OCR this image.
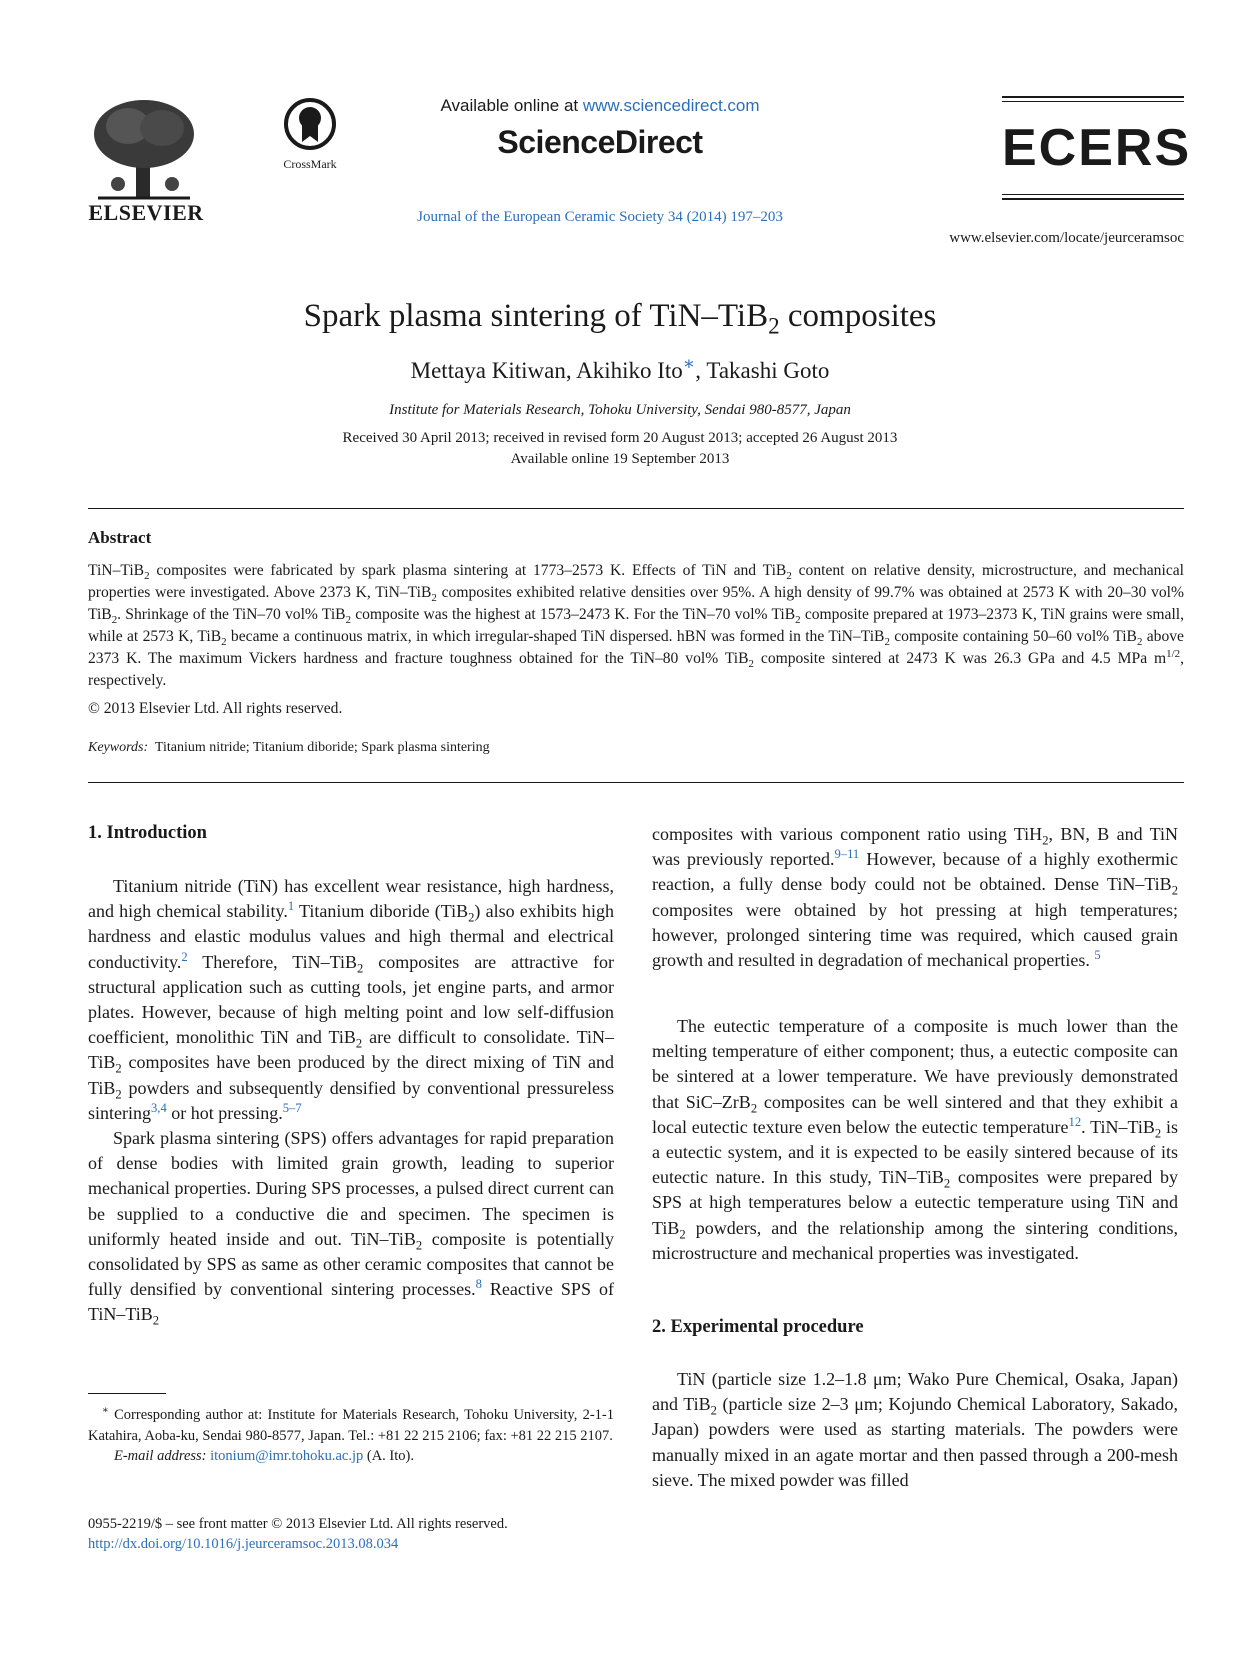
ELSEVIER
CrossMark
Available online at www.sciencedirect.com
ScienceDirect
Journal of the European Ceramic Society 34 (2014) 197–203
ECERS
www.elsevier.com/locate/jeurceramsoc
Spark plasma sintering of TiN–TiB$_2$ composites
Mettaya Kitiwan, Akihiko Ito∗, Takashi Goto
Institute for Materials Research, Tohoku University, Sendai 980-8577, Japan
Received 30 April 2013; received in revised form 20 August 2013; accepted 26 August 2013
Available online 19 September 2013
Abstract
TiN–TiB$_2$ composites were fabricated by spark plasma sintering at 1773–2573 K. Effects of TiN and TiB$_2$ content on relative density, microstructure, and mechanical properties were investigated. Above 2373 K, TiN–TiB$_2$ composites exhibited relative densities over 95%. A high density of 99.7% was obtained at 2573 K with 20–30 vol% TiB$_2$. Shrinkage of the TiN–70 vol% TiB$_2$ composite was the highest at 1573–2473 K. For the TiN–70 vol% TiB$_2$ composite prepared at 1973–2373 K, TiN grains were small, while at 2573 K, TiB$_2$ became a continuous matrix, in which irregular-shaped TiN dispersed. hBN was formed in the TiN–TiB$_2$ composite containing 50–60 vol% TiB$_2$ above 2373 K. The maximum Vickers hardness and fracture toughness obtained for the TiN–80 vol% TiB$_2$ composite sintered at 2473 K was 26.3 GPa and 4.5 MPa $m^{1/2}$, respectively.
© 2013 Elsevier Ltd. All rights reserved.
Keywords: Titanium nitride; Titanium diboride; Spark plasma sintering
1. Introduction

Titanium nitride (TiN) has excellent wear resistance, high hardness, and high chemical stability.$^1$ Titanium diboride (TiB$_2$) also exhibits high hardness and elastic modulus values and high thermal and electrical conductivity.$^2$ Therefore, TiN–TiB$_2$ composites are attractive for structural application such as cutting tools, jet engine parts, and armor plates. However, because of high melting point and low self-diffusion coefficient, monolithic TiN and TiB$_2$ are difficult to consolidate. TiN–TiB$_2$ composites have been produced by the direct mixing of TiN and TiB$_2$ powders and subsequently densified by conventional pressureless sintering$^{3,4}$ or hot pressing.$^{5-7}$

Spark plasma sintering (SPS) offers advantages for rapid preparation of dense bodies with limited grain growth, leading to superior mechanical properties. During SPS processes, a pulsed direct current can be supplied to a conductive die and specimen. The specimen is uniformly heated inside and out. TiN–TiB$_2$ composite is potentially consolidated by SPS as same as other ceramic composites that cannot be fully densified by conventional sintering processes.$^8$ Reactive SPS of TiN–TiB$_2$

∗ Corresponding author at: Institute for Materials Research, Tohoku University, 2-1-1 Katahira, Aoba-ku, Sendai 980-8577, Japan. Tel.: +81 22 215 2106; fax: +81 22 215 2107.
E-mail address: itonium@imr.tohoku.ac.jp (A. Ito).
0955-2219/$ – see front matter © 2013 Elsevier Ltd. All rights reserved.
http://dx.doi.org/10.1016/j.jeurceramsoc.2013.08.034

composites with various component ratio using TiH$_2$, BN, B and TiN was previously reported.$^{9-11}$ However, because of a highly exothermic reaction, a fully dense body could not be obtained. Dense TiN–TiB$_2$ composites were obtained by hot pressing at high temperatures; however, prolonged sintering time was required, which caused grain growth and resulted in degradation of mechanical properties. $^5$

The eutectic temperature of a composite is much lower than the melting temperature of either component; thus, a eutectic composite can be sintered at a lower temperature. We have previously demonstrated that SiC–ZrB$_2$ composites can be well sintered and that they exhibit a local eutectic texture even below the eutectic temperature$^{12}$. TiN–TiB$_2$ is a eutectic system, and it is expected to be easily sintered because of its eutectic nature. In this study, TiN–TiB$_2$ composites were prepared by SPS at high temperatures below a eutectic temperature using TiN and TiB$_2$ powders, and the relationship among the sintering conditions, microstructure and mechanical properties was investigated.

2. Experimental procedure

TiN (particle size 1.2–1.8 μm; Wako Pure Chemical, Osaka, Japan) and TiB$_2$ (particle size 2–3 μm; Kojundo Chemical Laboratory, Sakado, Japan) powders were used as starting materials. The powders were manually mixed in an agate mortar and then passed through a 200-mesh sieve. The mixed powder was filled
